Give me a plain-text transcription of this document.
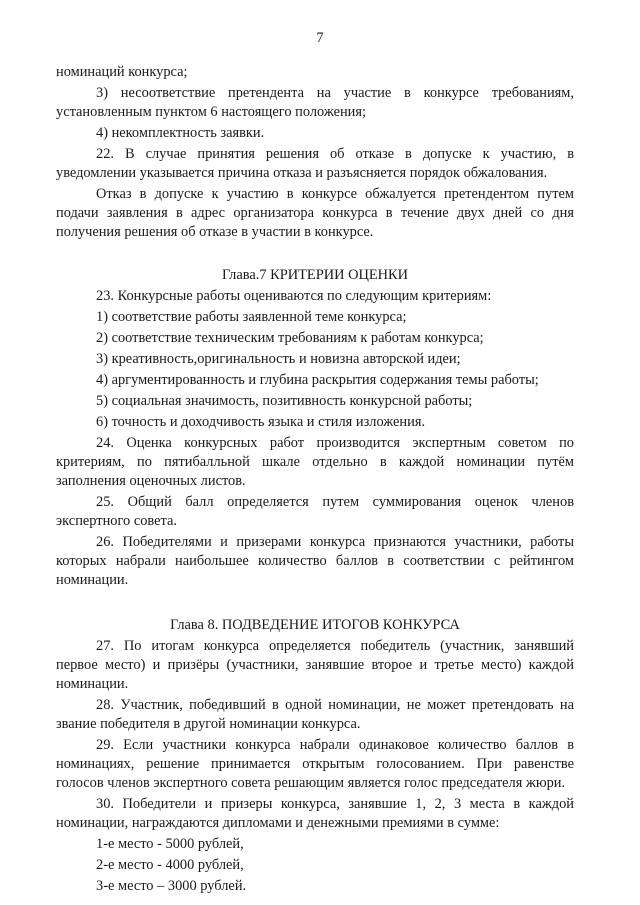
7
номинаций конкурса;
3) несоответствие претендента на участие в конкурсе требованиям, установленным пунктом 6 настоящего положения;
4) некомплектность заявки.
22. В случае принятия решения об отказе в допуске к участию, в уведомлении указывается причина отказа и разъясняется порядок обжалования.
Отказ в допуске к участию в конкурсе обжалуется претендентом путем подачи заявления в адрес организатора конкурса в течение двух дней со дня получения решения об отказе в участии в конкурсе.
Глава.7 КРИТЕРИИ ОЦЕНКИ
23. Конкурсные работы оцениваются по следующим критериям:
1) соответствие работы заявленной теме конкурса;
2) соответствие техническим требованиям к работам конкурса;
3) креативность,оригинальность и новизна авторской идеи;
4) аргументированность и глубина раскрытия содержания темы работы;
5) социальная значимость, позитивность конкурсной работы;
6) точность и доходчивость языка и стиля изложения.
24. Оценка конкурсных работ производится экспертным советом по критериям, по пятибалльной шкале отдельно в каждой номинации путём заполнения оценочных листов.
25. Общий балл определяется путем суммирования оценок членов экспертного совета.
26. Победителями и призерами конкурса признаются участники, работы которых набрали наибольшее количество баллов в соответствии с рейтингом номинации.
Глава 8. ПОДВЕДЕНИЕ ИТОГОВ КОНКУРСА
27. По итогам конкурса определяется победитель (участник, занявший первое место) и призёры (участники, занявшие второе и третье место) каждой номинации.
28. Участник, победивший в одной номинации, не может претендовать на звание победителя в другой номинации конкурса.
29. Если участники конкурса набрали одинаковое количество баллов в номинациях, решение принимается открытым голосованием. При равенстве голосов членов экспертного совета решающим является голос председателя жюри.
30. Победители и призеры конкурса, занявшие 1, 2, 3 места в каждой номинации, награждаются дипломами и денежными премиями в сумме:
1-е место - 5000 рублей,
2-е место - 4000 рублей,
3-е место – 3000 рублей.
